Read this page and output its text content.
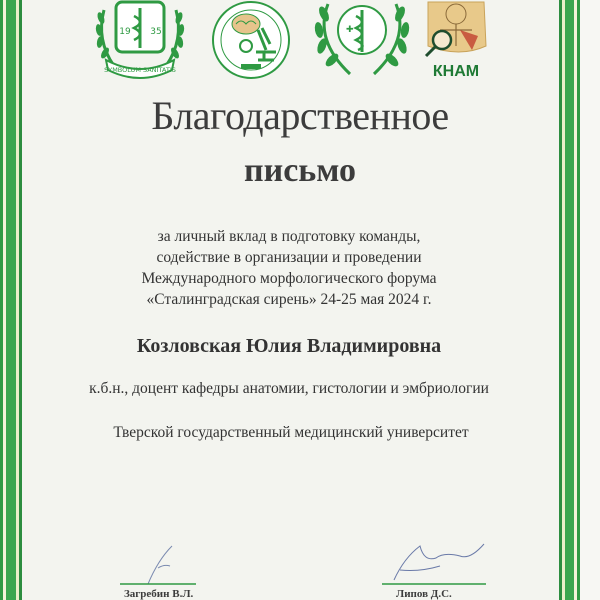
19 35
SYMBOLUM SANITATIS
✚
КНАМ
Благодарственное
письмо
за личный вклад в подготовку команды,
содействие в организации и проведении
Международного морфологического форума
«Сталинградская сирень» 24-25 мая 2024 г.
Козловская Юлия Владимировна
к.б.н., доцент кафедры анатомии, гистологии и эмбриологии
Тверской государственный медицинский университет
Загребин В.Л.	Липов Д.С.
